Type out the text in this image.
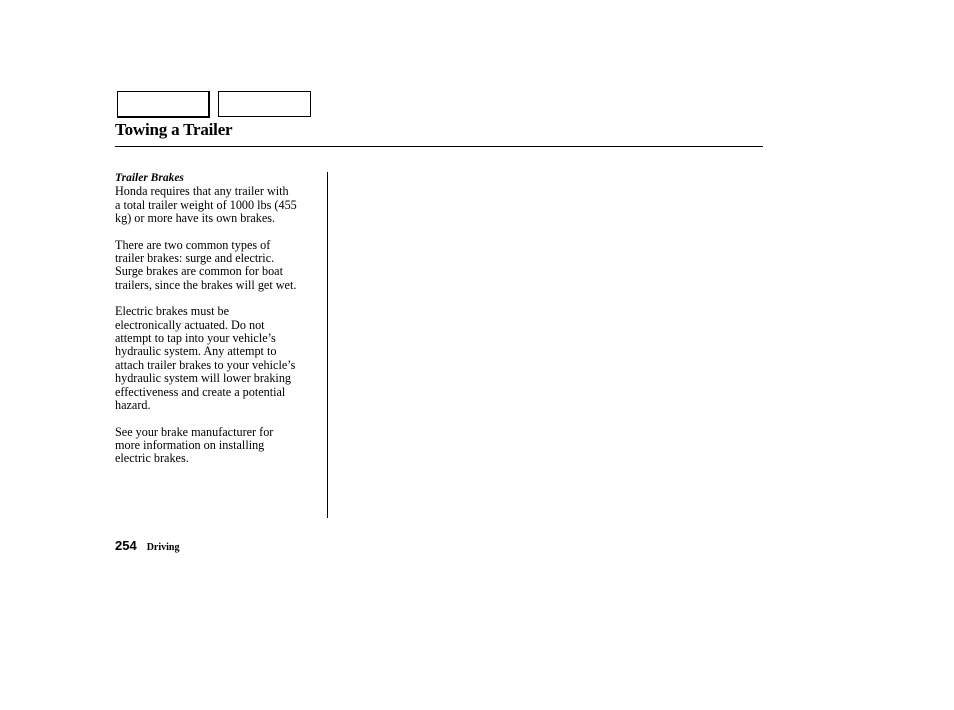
Towing a Trailer
Trailer Brakes

Honda requires that any trailer with
a total trailer weight of 1000 lbs (455
kg) or more have its own brakes.

There are two common types of
trailer brakes: surge and electric.
Surge brakes are common for boat
trailers, since the brakes will get wet.

Electric brakes must be
electronically actuated. Do not
attempt to tap into your vehicle’s
hydraulic system. Any attempt to
attach trailer brakes to your vehicle’s
hydraulic system will lower braking
effectiveness and create a potential
hazard.

See your brake manufacturer for
more information on installing
electric brakes.

254 Driving
